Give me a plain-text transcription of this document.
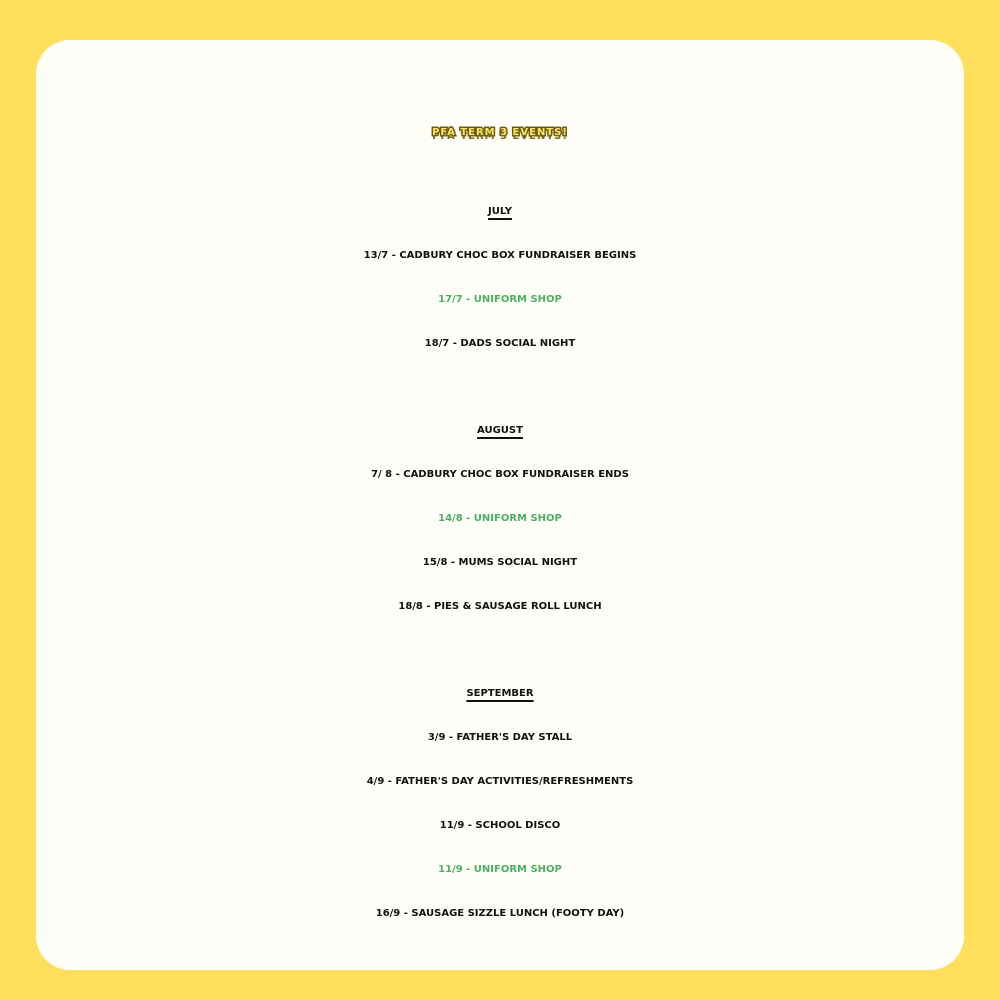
PFA TERM 3 EVENTS!
JULY
13/7 - CADBURY CHOC BOX FUNDRAISER BEGINS
17/7 - UNIFORM SHOP
18/7 - DADS SOCIAL NIGHT
AUGUST
7/ 8 - CADBURY CHOC BOX FUNDRAISER ENDS
14/8 - UNIFORM SHOP
15/8 - MUMS SOCIAL NIGHT
18/8 - PIES & SAUSAGE ROLL LUNCH
SEPTEMBER
3/9 - FATHER'S DAY STALL
4/9 - FATHER'S DAY ACTIVITIES/REFRESHMENTS
11/9 - SCHOOL DISCO
11/9 - UNIFORM SHOP
16/9 - SAUSAGE SIZZLE LUNCH (FOOTY DAY)
